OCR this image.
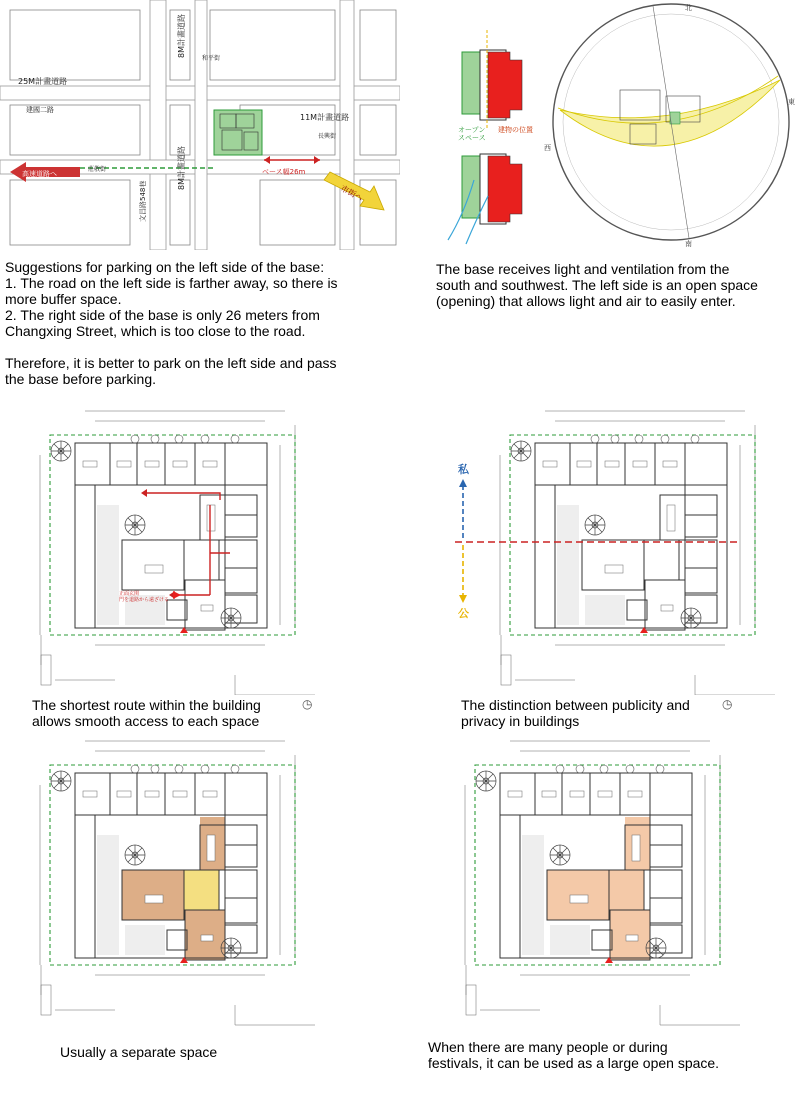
25M計畫道路
建國二路
8M計畫道路
和平街
11M計畫道路
長興街
莊敬街	8M計畫道路
文昌路548巷
高速道路へ
市街へ
ベース幅26m
オープンスペース
建物の位置
北
南
西
東

Suggestions for parking on the left side of the base:

1. The road on the left side is farther away, so there is

more buffer space.

2. The right side of the base is only 26 meters from

Changxing Street, which is too close to the road.

Therefore, it is better to park on the left side and pass

the base before parking.

The base receives light and ventilation from the

south and southwest. The left side is an open space

(opening) that allows light and air to easily enter.

正面玄関門を道路から遠ざける
私
公

The shortest route within the building

allows smooth access to each space

◷	The distinction between publicity and

privacy in buildings

◷

Usually a separate space	When there are many people or during

festivals, it can be used as a large open space.
